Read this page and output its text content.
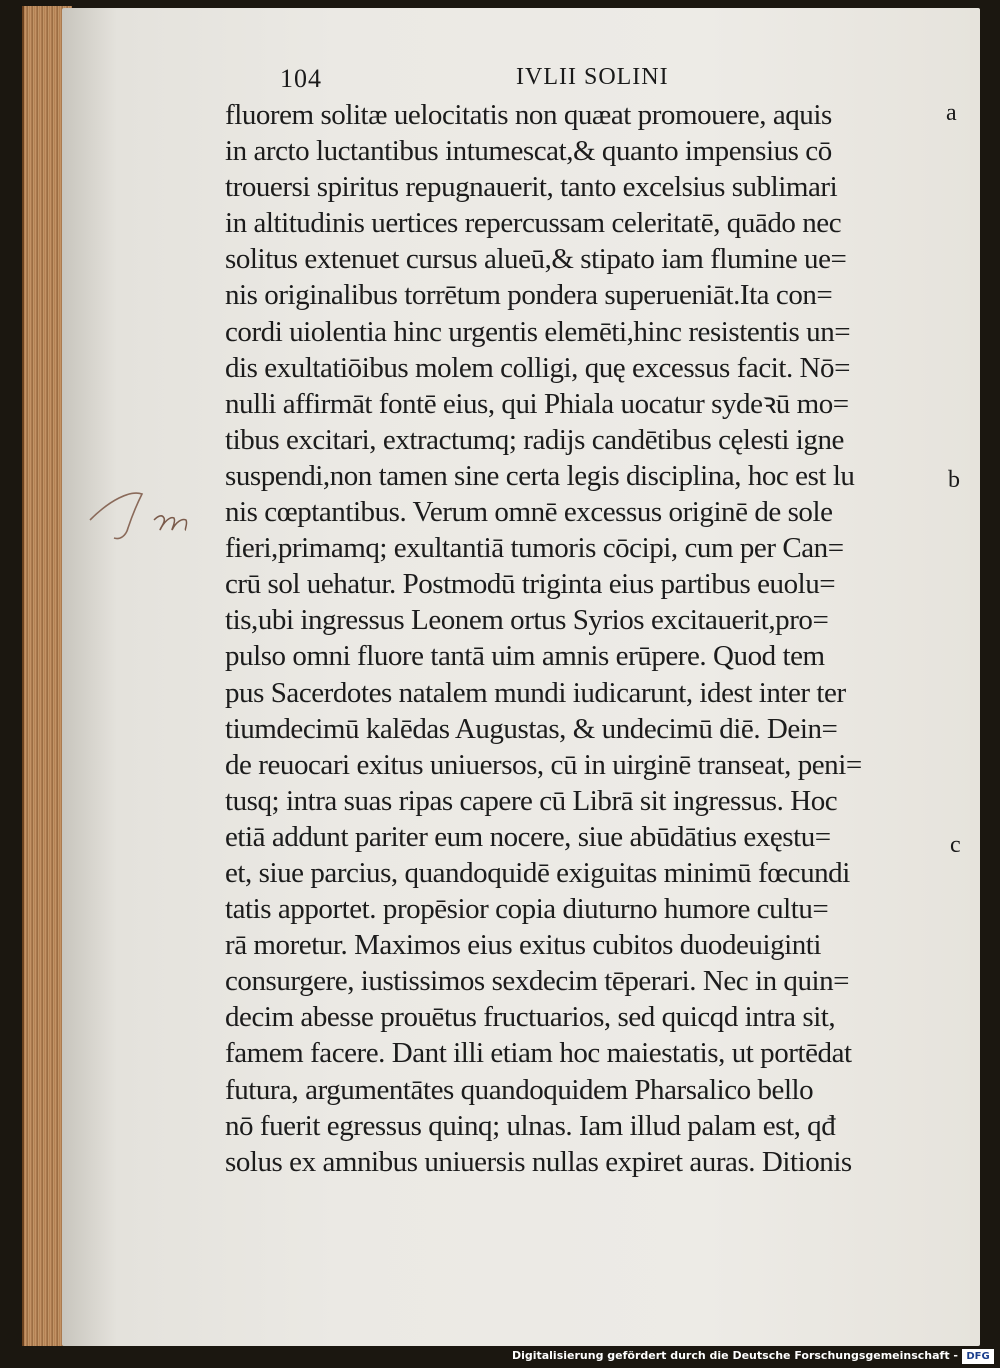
104	IVLII SOLINI
fluorem solitæ uelocitatis non quæat promouere, aquis
in arcto luctantibus intumescat,& quanto impensius cō
trouersi spiritus repugnauerit, tanto excelsius sublimari
in altitudinis uertices repercussam celeritatē, quādo nec
solitus extenuet cursus alueū,& stipato iam flumine ue=
nis originalibus torrētum pondera superueniāt.Ita con=
cordi uiolentia hinc urgentis elemēti,hinc resistentis un=
dis exultatiōibus molem colligi, quę excessus facit. Nō=
nulli affirmāt fontē eius, qui Phiala uocatur sydeꝛū mo=
tibus excitari, extractumq; radijs candētibus cęlesti igne
suspendi,non tamen sine certa legis disciplina, hoc est lu
nis cœptantibus. Verum omnē excessus originē de sole
fieri,primamq; exultantiā tumoris cōcipi, cum per Can=
crū sol uehatur. Postmodū triginta eius partibus euolu=
tis,ubi ingressus Leonem ortus Syrios excitauerit,pro=
pulso omni fluore tantā uim amnis erūpere. Quod tem
pus Sacerdotes natalem mundi iudicarunt, idest inter ter
tiumdecimū kalēdas Augustas, & undecimū diē. Dein=
de reuocari exitus uniuersos, cū in uirginē transeat, peni=
tusq; intra suas ripas capere cū Librā sit ingressus. Hoc
etiā addunt pariter eum nocere, siue abūdātius exęstu=
et, siue parcius, quandoquidē exiguitas minimū fœcundi
tatis apportet. propēsior copia diuturno humore cultu=
rā moretur. Maximos eius exitus cubitos duodeuiginti
consurgere, iustissimos sexdecim tēperari. Nec in quin=
decim abesse prouētus fructuarios, sed quicqd intra sit,
famem facere. Dant illi etiam hoc maiestatis, ut portēdat
futura, argumentātes quandoquidem Pharsalico bello
nō fuerit egressus quinq; ulnas. Iam illud palam est, qđ
solus ex amnibus uniuersis nullas expiret auras. Ditionis
a
b
c
Digitalisierung gefördert durch die Deutsche Forschungsgemeinschaft - DFG
